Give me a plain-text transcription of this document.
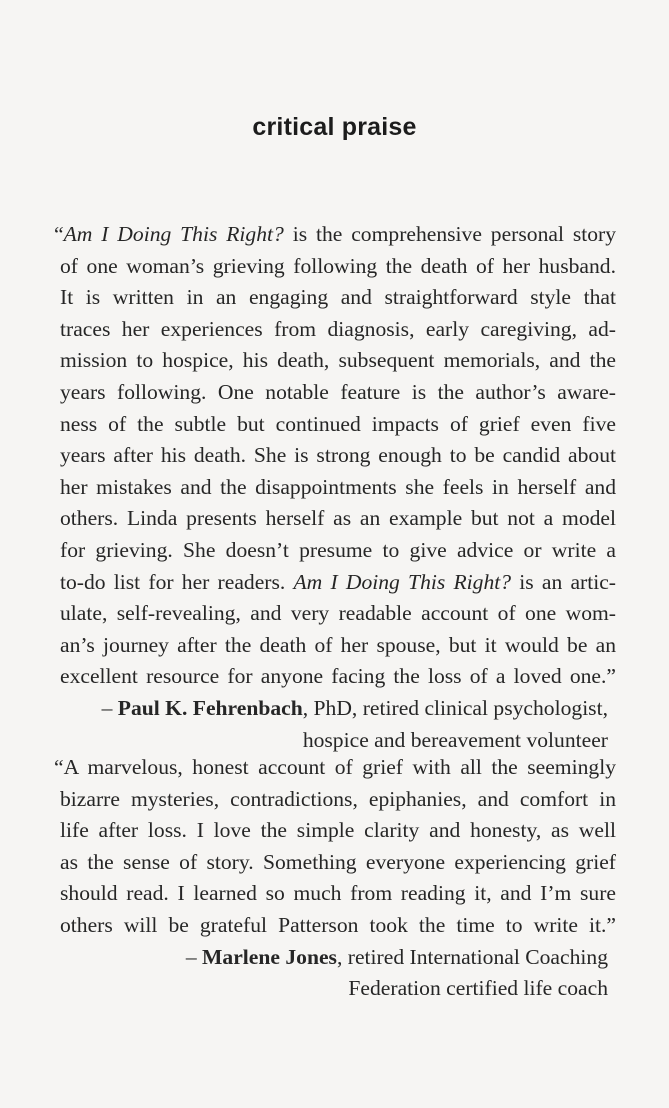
critical praise
“Am I Doing This Right? is the comprehensive personal story
of one woman’s grieving following the death of her husband.
It is written in an engaging and straightforward style that
traces her experiences from diagnosis, early caregiving, ad-
mission to hospice, his death, subsequent memorials, and the
years following. One notable feature is the author’s aware-
ness of the subtle but continued impacts of grief even five
years after his death. She is strong enough to be candid about
her mistakes and the disappointments she feels in herself and
others. Linda presents herself as an example but not a model
for grieving. She doesn’t presume to give advice or write a
to-do list for her readers. Am I Doing This Right? is an artic-
ulate, self-revealing, and very readable account of one wom-
an’s journey after the death of her spouse, but it would be an
excellent resource for anyone facing the loss of a loved one.”
– Paul K. Fehrenbach, PhD, retired clinical psychologist,
hospice and bereavement volunteer
“A marvelous, honest account of grief with all the seemingly
bizarre mysteries, contradictions, epiphanies, and comfort in
life after loss. I love the simple clarity and honesty, as well
as the sense of story. Something everyone experiencing grief
should read. I learned so much from reading it, and I’m sure
others will be grateful Patterson took the time to write it.”
– Marlene Jones, retired International Coaching
Federation certified life coach
